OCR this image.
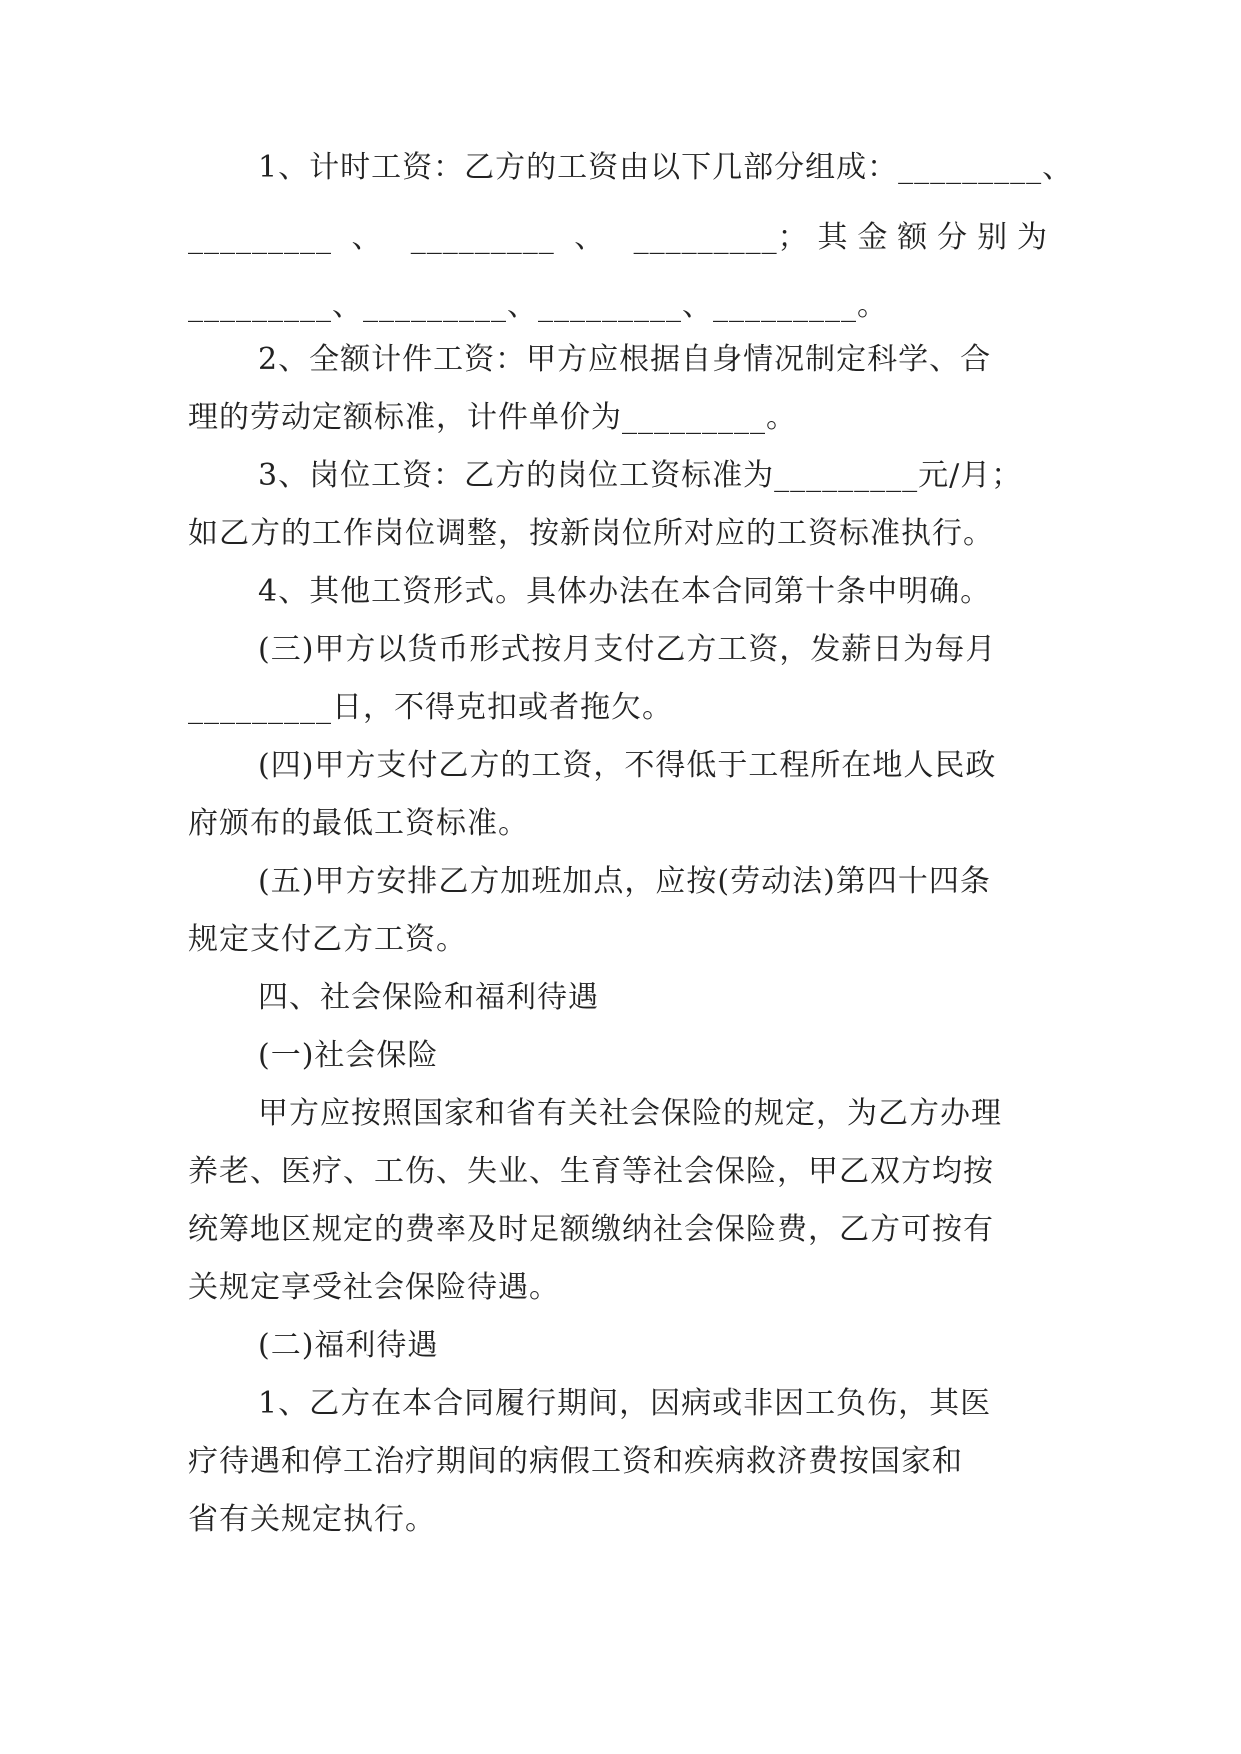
1、计时工资：乙方的工资由以下几部分组成：_________、
_________ 、 _________ 、 _________；其金额分别为
_________、_________、_________、_________。
2、全额计件工资：甲方应根据自身情况制定科学、合
理的劳动定额标准，计件单价为_________。
3、岗位工资：乙方的岗位工资标准为_________元/月；
如乙方的工作岗位调整，按新岗位所对应的工资标准执行。
4、其他工资形式。具体办法在本合同第十条中明确。
(三)甲方以货币形式按月支付乙方工资，发薪日为每月
_________日，不得克扣或者拖欠。
(四)甲方支付乙方的工资，不得低于工程所在地人民政
府颁布的最低工资标准。
(五)甲方安排乙方加班加点，应按(劳动法)第四十四条
规定支付乙方工资。
四、社会保险和福利待遇
(一)社会保险
甲方应按照国家和省有关社会保险的规定，为乙方办理
养老、医疗、工伤、失业、生育等社会保险，甲乙双方均按
统筹地区规定的费率及时足额缴纳社会保险费，乙方可按有
关规定享受社会保险待遇。
(二)福利待遇
1、乙方在本合同履行期间，因病或非因工负伤，其医
疗待遇和停工治疗期间的病假工资和疾病救济费按国家和
省有关规定执行。
